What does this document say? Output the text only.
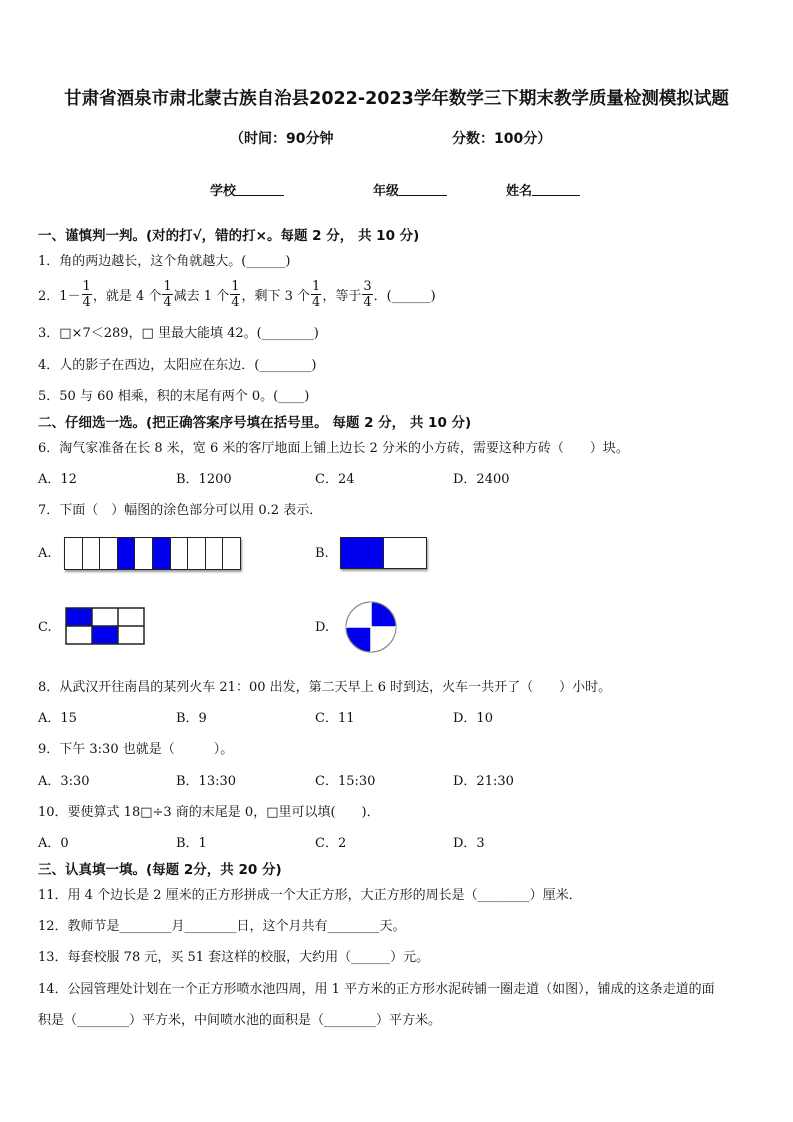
甘肃省酒泉市肃北蒙古族自治县2022-2023学年数学三下期末教学质量检测模拟试题
（时间：90分钟	分数：100分）
学校	年级	姓名
一、谨慎判一判。(对的打√，错的打×。每题 2 分， 共 10 分)
1．角的两边越长，这个角就越大。(______)
2．$1- \frac{1}{4}$ ，就是 4 个 $\frac{1}{4}$ 减去 1 个 $\frac{1}{4}$ ，剩下 3 个 $\frac{1}{4}$ ，等于 $\frac{3}{4}$ ．(______)
3．□×7＜289，□ 里最大能填 42。(________)
4．人的影子在西边，太阳应在东边．(________)
5．50 与 60 相乘，积的末尾有两个 0。(____)
二、仔细选一选。(把正确答案序号填在括号里。 每题 2 分， 共 10 分)
6．淘气家准备在长 8 米，宽 6 米的客厅地面上铺上边长 2 分米的小方砖，需要这种方砖（　　）块。
A．12	B．1200	C．24	D．2400
7．下面（　）幅图的涂色部分可以用 0.2 表示．
A.	B.
C.	D.
8．从武汉开往南昌的某列火车 21：00 出发，第二天早上 6 时到达，火车一共开了（　　）小时。
A．15	B．9	C．11	D．10
9．下午 3:30 也就是（　　　）。
A．3:30	B．13:30	C．15:30	D．21:30
10．要使算式 18□÷3 商的末尾是 0，□里可以填(　　)．
A．0	B．1	C．2	D．3
三、认真填一填。(每题 2分，共 20 分)
11．用 4 个边长是 2 厘米的正方形拼成一个大正方形，大正方形的周长是（________）厘米．
12．教师节是________月________日，这个月共有________天。
13．每套校服 78 元，买 51 套这样的校服，大约用（______）元。
14．公园管理处计划在一个正方形喷水池四周，用 1 平方米的正方形水泥砖铺一圈走道（如图），铺成的这条走道的面
积是（________）平方米，中间喷水池的面积是（________）平方米。
